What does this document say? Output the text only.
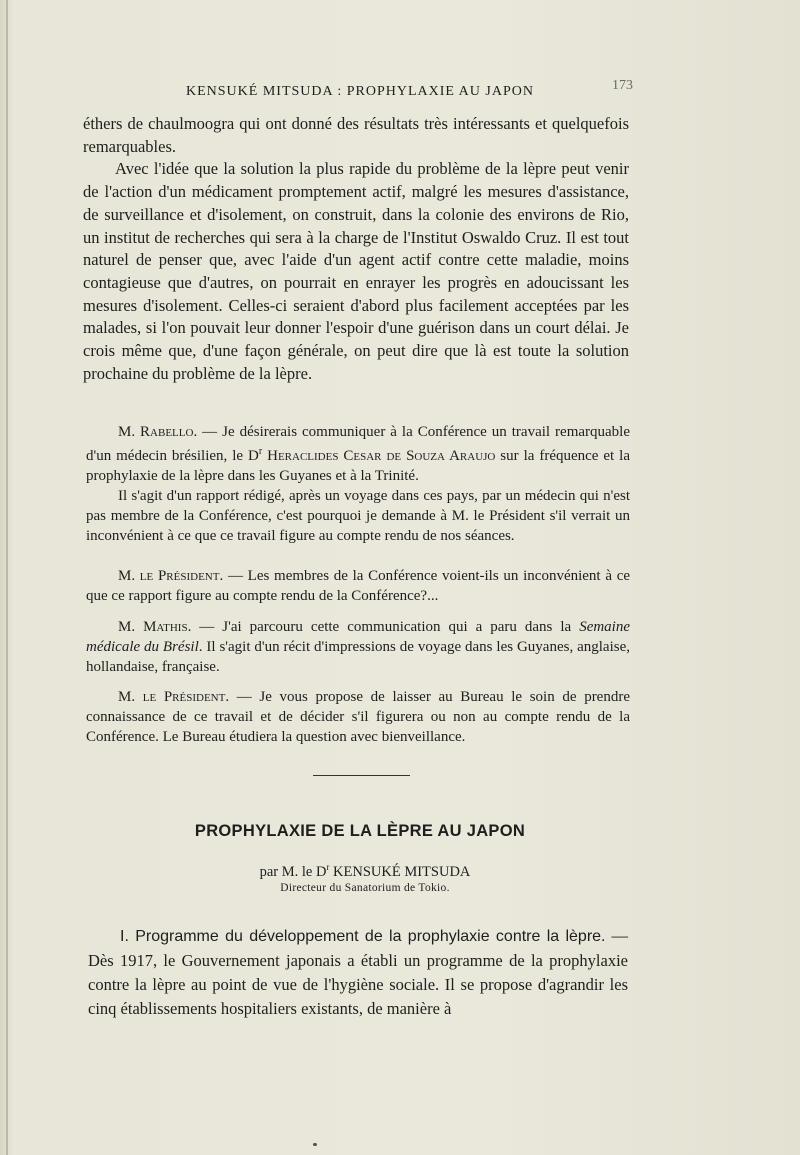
KENSUKÉ MITSUDA : PROPHYLAXIE AU JAPON	173

éthers de chaulmoogra qui ont donné des résultats très intéressants et quelquefois remarquables.

Avec l'idée que la solution la plus rapide du problème de la lèpre peut venir de l'action d'un médicament promptement actif, malgré les mesures d'assistance, de surveillance et d'isolement, on construit, dans la colonie des environs de Rio, un institut de recherches qui sera à la charge de l'Institut Oswaldo Cruz. Il est tout naturel de penser que, avec l'aide d'un agent actif contre cette maladie, moins contagieuse que d'autres, on pourrait en enrayer les progrès en adoucissant les mesures d'isolement. Celles-ci seraient d'abord plus facilement acceptées par les malades, si l'on pouvait leur donner l'espoir d'une guérison dans un court délai. Je crois même que, d'une façon générale, on peut dire que là est toute la solution prochaine du problème de la lèpre.

M. Rabello. — Je désirerais communiquer à la Conférence un travail remarquable d'un médecin brésilien, le $D^r$ Heraclides Cesar de Souza Araujo sur la fréquence et la prophylaxie de la lèpre dans les Guyanes et à la Trinité.

Il s'agit d'un rapport rédigé, après un voyage dans ces pays, par un médecin qui n'est pas membre de la Conférence, c'est pourquoi je demande à M. le Président s'il verrait un inconvénient à ce que ce travail figure au compte rendu de nos séances.

M. le Président. — Les membres de la Conférence voient-ils un inconvénient à ce que ce rapport figure au compte rendu de la Conférence?...

M. Mathis. — J'ai parcouru cette communication qui a paru dans la Semaine médicale du Brésil. Il s'agit d'un récit d'impressions de voyage dans les Guyanes, anglaise, hollandaise, française.

M. le Président. — Je vous propose de laisser au Bureau le soin de prendre connaissance de ce travail et de décider s'il figurera ou non au compte rendu de la Conférence. Le Bureau étudiera la question avec bienveillance.

PROPHYLAXIE DE LA LÈPRE AU JAPON
par M. le $D^r$ KENSUKÉ MITSUDA
Directeur du Sanatorium de Tokio.

I. Programme du développement de la prophylaxie contre la lèpre. — Dès 1917, le Gouvernement japonais a établi un programme de la prophylaxie contre la lèpre au point de vue de l'hygiène sociale. Il se propose d'agrandir les cinq établissements hospitaliers existants, de manière à
